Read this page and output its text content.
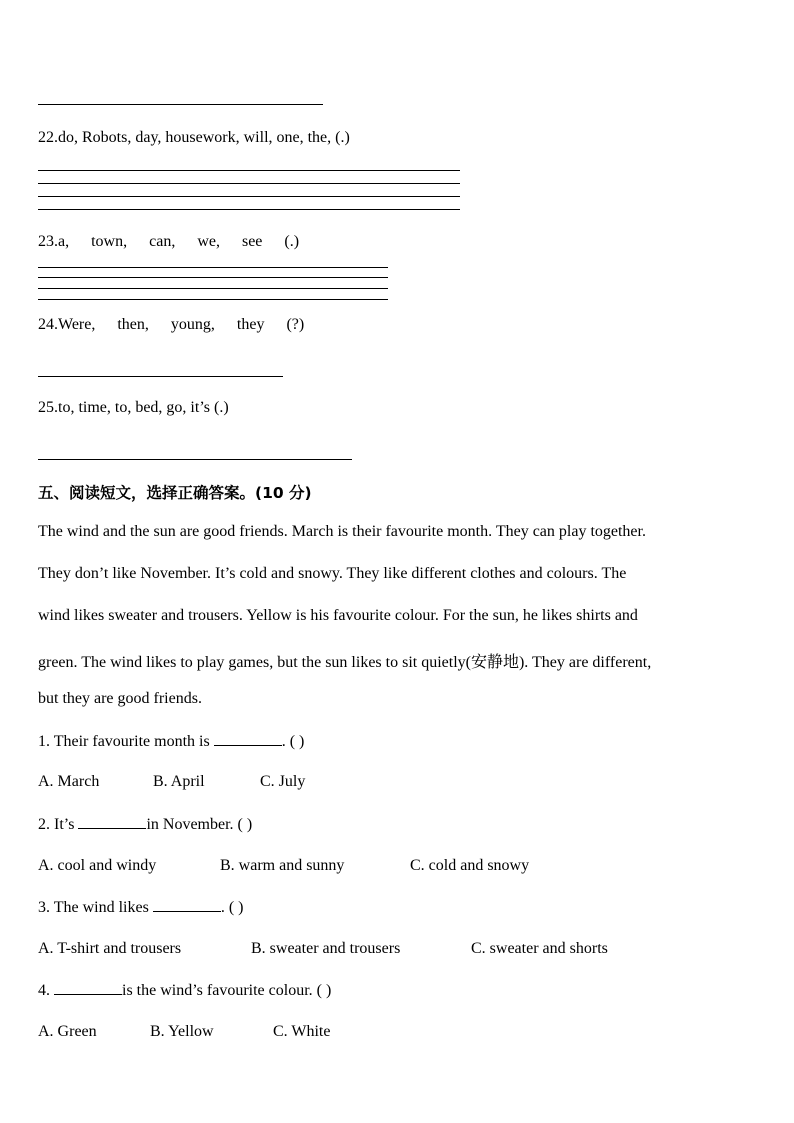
22.do, Robots, day, housework, will, one, the, (.)
23.a, town, can, we, see (.)
24.Were, then, young, they (?)
25.to, time, to, bed, go, it’s (.)
五、阅读短文，选择正确答案。(10 分)
The wind and the sun are good friends. March is their favourite month. They can play together.
They don’t like November. It’s cold and snowy. They like different clothes and colours. The
wind likes sweater and trousers. Yellow is his favourite colour. For the sun, he likes shirts and
green. The wind likes to play games, but the sun likes to sit quietly(安静地). They are different,
but they are good friends.
1. Their favourite month is	. ( )
A. March	B. April	C. July
2. It’s	in November. ( )
A. cool and windy	B. warm and sunny	C. cold and snowy
3. The wind likes	. ( )
A. T-shirt and trousers	B. sweater and trousers	C. sweater and shorts
4.	is the wind’s favourite colour. ( )
A. Green	B. Yellow	C. White
